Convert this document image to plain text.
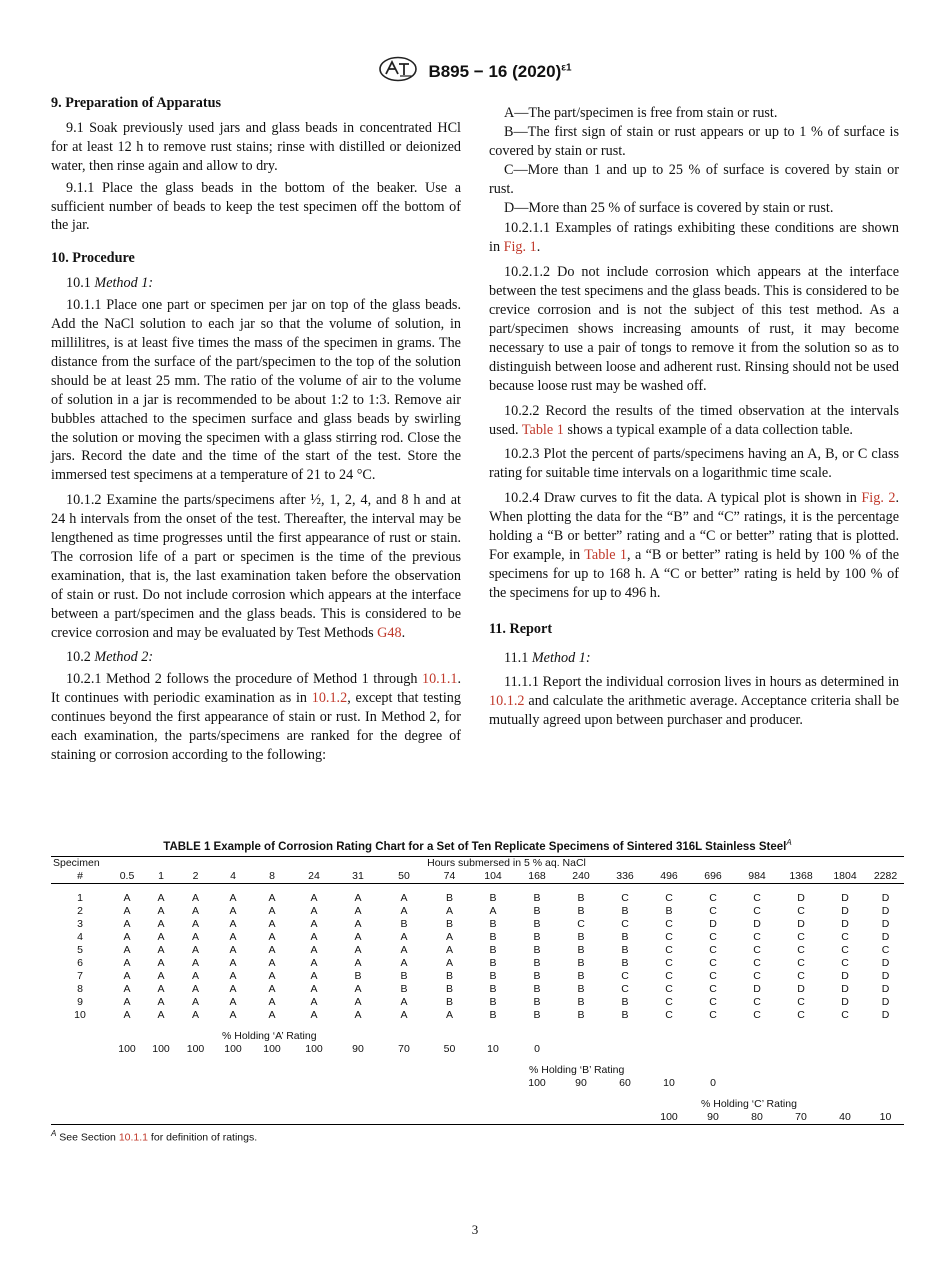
B895 − 16 $(2020)^{\varepsilon 1}$
9. Preparation of Apparatus

9.1 Soak previously used jars and glass beads in concentrated HCl for at least 12 h to remove rust stains; rinse with distilled or deionized water, then rinse again and allow to dry.

9.1.1 Place the glass beads in the bottom of the beaker. Use a sufficient number of beads to keep the test specimen off the bottom of the jar.

10. Procedure

10.1 Method 1:

10.1.1 Place one part or specimen per jar on top of the glass beads. Add the NaCl solution to each jar so that the volume of solution, in millilitres, is at least five times the mass of the specimen in grams. The distance from the surface of the part/specimen to the top of the solution should be at least 25 mm. The ratio of the volume of air to the volume of solution in a jar is recommended to be about 1:2 to 1:3. Remove air bubbles attached to the specimen surface and glass beads by swirling the solution or moving the specimen with a glass stirring rod. Close the jars. Record the date and the time of the start of the test. Store the immersed test specimens at a temperature of 21 to 24 °C.

10.1.2 Examine the parts/specimens after ½, 1, 2, 4, and 8 h and at 24 h intervals from the onset of the test. Thereafter, the interval may be lengthened as time progresses until the first appearance of rust or stain. The corrosion life of a part or specimen is the time of the previous examination, that is, the last examination taken before the observation of stain or rust. Do not include corrosion which appears at the interface between a part/specimen and the glass beads. This is considered to be crevice corrosion and may be evaluated by Test Methods G48.

10.2 Method 2:

10.2.1 Method 2 follows the procedure of Method 1 through 10.1.1. It continues with periodic examination as in 10.1.2, except that testing continues beyond the first appearance of stain or rust. In Method 2, for each examination, the parts/specimens are ranked for the degree of staining or corrosion according to the following:

A—The part/specimen is free from stain or rust.

B—The first sign of stain or rust appears or up to 1 % of surface is covered by stain or rust.

C—More than 1 and up to 25 % of surface is covered by stain or rust.

D—More than 25 % of surface is covered by stain or rust.

10.2.1.1 Examples of ratings exhibiting these conditions are shown in Fig. 1.

10.2.1.2 Do not include corrosion which appears at the interface between the test specimens and the glass beads. This is considered to be crevice corrosion and is not the subject of this test method. As a part/specimen shows increasing amounts of rust, it may become necessary to use a pair of tongs to remove it from the solution so as to distinguish between loose and adherent rust. Rinsing should not be used because loose rust may be washed off.

10.2.2 Record the results of the timed observation at the intervals used. Table 1 shows a typical example of a data collection table.

10.2.3 Plot the percent of parts/specimens having an A, B, or C class rating for suitable time intervals on a logarithmic time scale.

10.2.4 Draw curves to fit the data. A typical plot is shown in Fig. 2. When plotting the data for the “B” and “C” ratings, it is the percentage holding a “B or better” rating and a “C or better” rating that is plotted. For example, in Table 1, a “B or better” rating is held by 100 % of the specimens for up to 168 h. A “C or better” rating is held by 100 % of the specimens for up to 496 h.

11. Report

11.1 Method 1:

11.1.1 Report the individual corrosion lives in hours as determined in 10.1.2 and calculate the arithmetic average. Acceptance criteria shall be mutually agreed upon between purchaser and producer.

TABLE 1 Example of Corrosion Rating Chart for a Set of Ten Replicate Specimens of Sintered 316L Stainless Steel$^A$
Specimen	Hours submersed in 5 % aq. NaCl																		
#	0.5	1	2	4	8	24	31	50	74	104	168	240	336	496	696	984	1368	1804	2282

1	A	A	A	A	A	A	A	A	B	B	B	B	C	C	C	C	D	D	D
2	A	A	A	A	A	A	A	A	A	A	B	B	B	B	C	C	C	D	D
3	A	A	A	A	A	A	A	B	B	B	B	C	C	C	D	D	D	D	D
4	A	A	A	A	A	A	A	A	A	B	B	B	B	C	C	C	C	C	D
5	A	A	A	A	A	A	A	A	A	B	B	B	B	C	C	C	C	C	C
6	A	A	A	A	A	A	A	A	A	B	B	B	B	C	C	C	C	C	D
7	A	A	A	A	A	A	B	B	B	B	B	B	C	C	C	C	C	D	D
8	A	A	A	A	A	A	A	B	B	B	B	B	C	C	C	D	D	D	D
9	A	A	A	A	A	A	A	A	B	B	B	B	B	C	C	C	C	D	D
10	A	A	A	A	A	A	A	A	A	B	B	B	B	C	C	C	C	C	D

				% Holding ‘A’ Rating															
	100	100	100	100	100	100	90	70	50	10	0								

											% Holding ‘B’ Rating								
											100	90	60	10	0				

															% Holding ‘C’ Rating				
														100	90	80	70	40	10
$^A$ See Section 10.1.1 for definition of ratings.
3
